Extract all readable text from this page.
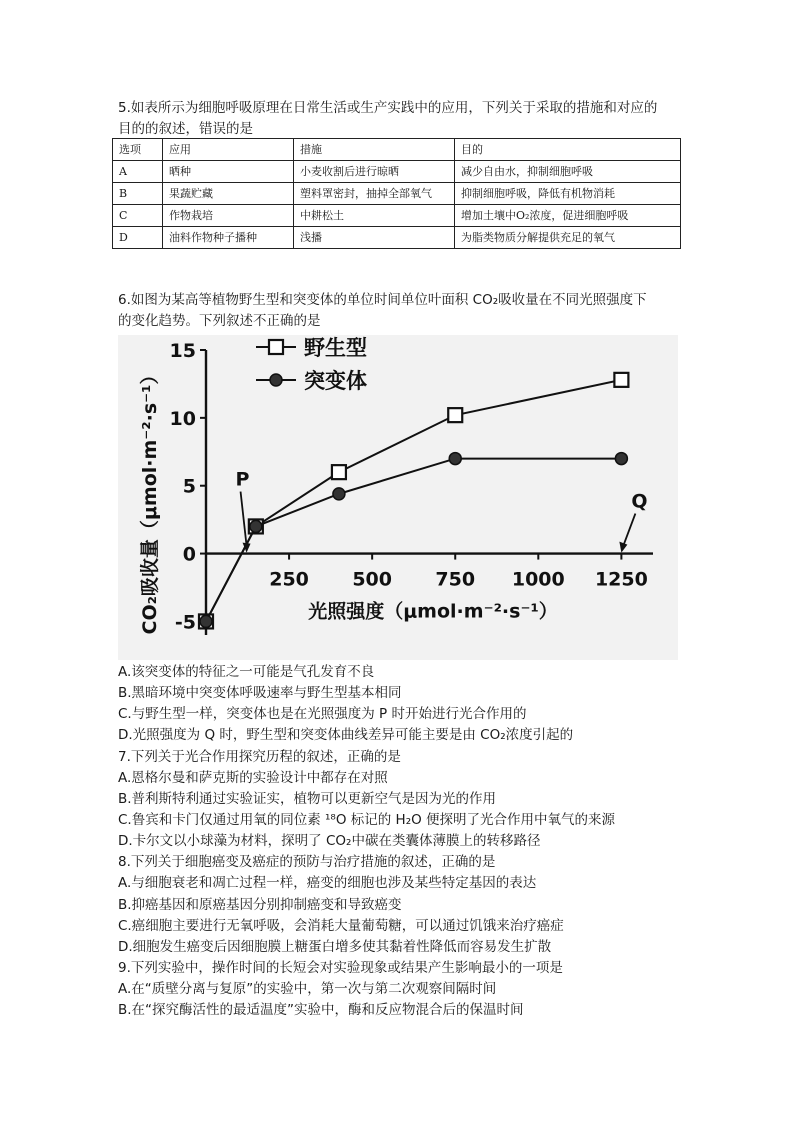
5.如表所示为细胞呼吸原理在日常生活或生产实践中的应用，下列关于采取的措施和对应的
目的的叙述，错误的是
选项	应用	措施	目的
A	晒种	小麦收割后进行晾晒	减少自由水，抑制细胞呼吸
B	果蔬贮藏	塑料罩密封，抽掉全部氧气	抑制细胞呼吸，降低有机物消耗
C	作物栽培	中耕松土	增加土壤中O₂浓度，促进细胞呼吸
D	油料作物种子播种	浅播	为脂类物质分解提供充足的氧气
6.如图为某高等植物野生型和突变体的单位时间单位叶面积 CO₂吸收量在不同光照强度下
的变化趋势。下列叙述不正确的是
-5
0
5
10
15
250 500 750 1000 1250
光照强度（μmol·m⁻²·s⁻¹）
CO₂吸收量（μmol·m⁻²·s⁻¹）
野生型
突变体
P
Q
A.该突变体的特征之一可能是气孔发育不良
B.黑暗环境中突变体呼吸速率与野生型基本相同
C.与野生型一样，突变体也是在光照强度为 P 时开始进行光合作用的
D.光照强度为 Q 时，野生型和突变体曲线差异可能主要是由 CO₂浓度引起的
7.下列关于光合作用探究历程的叙述，正确的是
A.恩格尔曼和萨克斯的实验设计中都存在对照
B.普利斯特利通过实验证实，植物可以更新空气是因为光的作用
C.鲁宾和卡门仅通过用氧的同位素 ¹⁸O 标记的 H₂O 便探明了光合作用中氧气的来源
D.卡尔文以小球藻为材料，探明了 CO₂中碳在类囊体薄膜上的转移路径
8.下列关于细胞癌变及癌症的预防与治疗措施的叙述，正确的是
A.与细胞衰老和凋亡过程一样，癌变的细胞也涉及某些特定基因的表达
B.抑癌基因和原癌基因分别抑制癌变和导致癌变
C.癌细胞主要进行无氧呼吸，会消耗大量葡萄糖，可以通过饥饿来治疗癌症
D.细胞发生癌变后因细胞膜上糖蛋白增多使其黏着性降低而容易发生扩散
9.下列实验中，操作时间的长短会对实验现象或结果产生影响最小的一项是
A.在“质壁分离与复原”的实验中，第一次与第二次观察间隔时间
B.在“探究酶活性的最适温度”实验中，酶和反应物混合后的保温时间
